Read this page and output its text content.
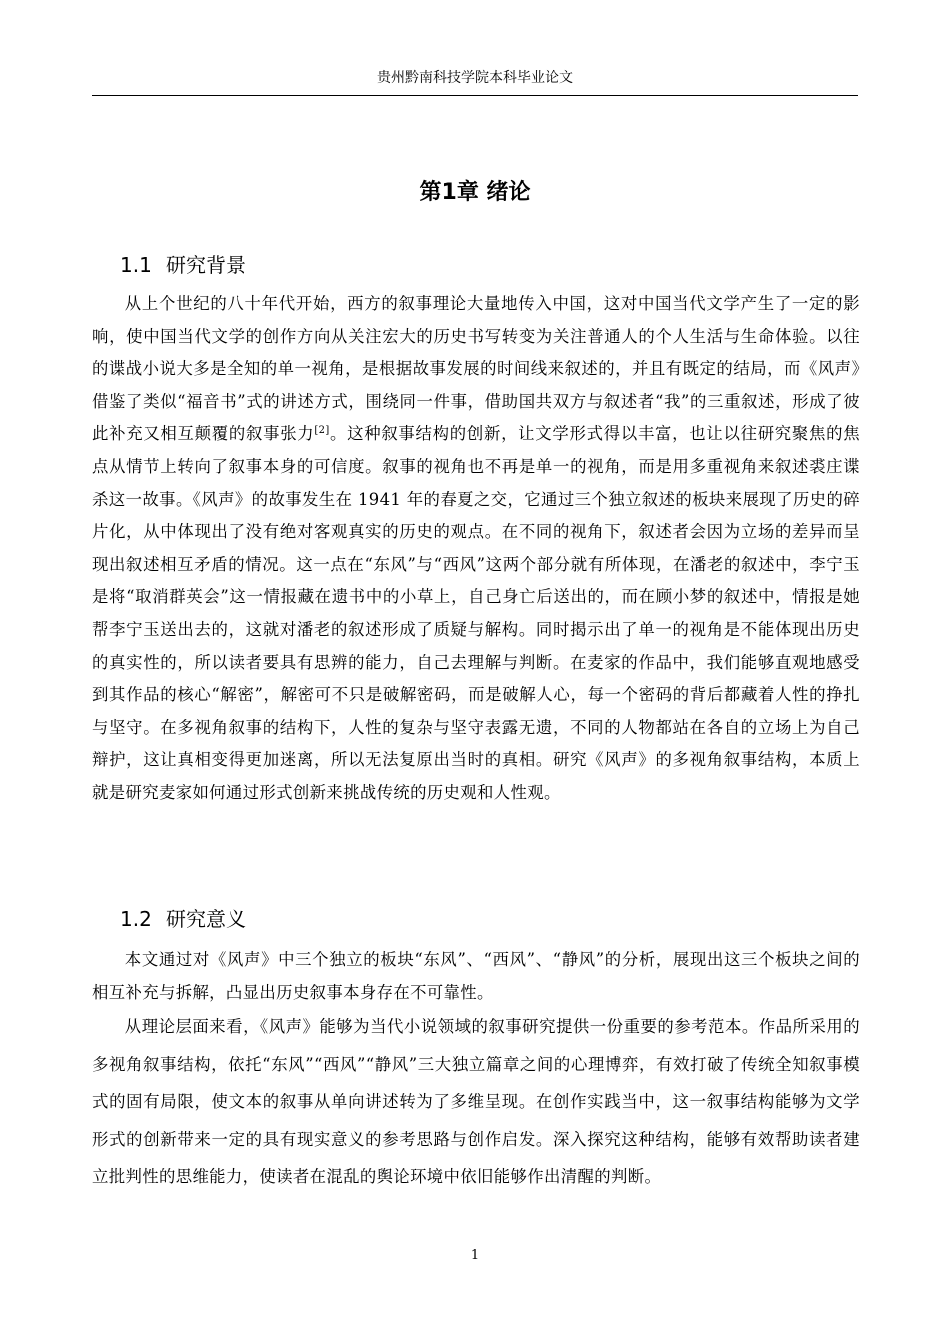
贵州黔南科技学院本科毕业论文
第1章 绪论
1.1 研究背景

从上个世纪的八十年代开始，西方的叙事理论大量地传入中国，这对中国当代文学产生了一定的影响，使中国当代文学的创作方向从关注宏大的历史书写转变为关注普通人的个人生活与生命体验。以往的谍战小说大多是全知的单一视角，是根据故事发展的时间线来叙述的，并且有既定的结局，而《风声》借鉴了类似“福音书”式的讲述方式，围绕同一件事，借助国共双方与叙述者“我”的三重叙述，形成了彼此补充又相互颠覆的叙事张力[2]。这种叙事结构的创新，让文学形式得以丰富，也让以往研究聚焦的焦点从情节上转向了叙事本身的可信度。叙事的视角也不再是单一的视角，而是用多重视角来叙述裘庄谍杀这一故事。《风声》的故事发生在 1941 年的春夏之交，它通过三个独立叙述的板块来展现了历史的碎片化，从中体现出了没有绝对客观真实的历史的观点。在不同的视角下，叙述者会因为立场的差异而呈现出叙述相互矛盾的情况。这一点在“东风”与“西风”这两个部分就有所体现，在潘老的叙述中，李宁玉是将“取消群英会”这一情报藏在遗书中的小草上，自己身亡后送出的，而在顾小梦的叙述中，情报是她帮李宁玉送出去的，这就对潘老的叙述形成了质疑与解构。同时揭示出了单一的视角是不能体现出历史的真实性的，所以读者要具有思辨的能力，自己去理解与判断。在麦家的作品中，我们能够直观地感受到其作品的核心“解密”，解密可不只是破解密码，而是破解人心，每一个密码的背后都藏着人性的挣扎与坚守。在多视角叙事的结构下，人性的复杂与坚守表露无遗，不同的人物都站在各自的立场上为自己辩护，这让真相变得更加迷离，所以无法复原出当时的真相。研究《风声》的多视角叙事结构，本质上就是研究麦家如何通过形式创新来挑战传统的历史观和人性观。

1.2 研究意义

本文通过对《风声》中三个独立的板块“东风”、“西风”、“静风”的分析，展现出这三个板块之间的相互补充与拆解，凸显出历史叙事本身存在不可靠性。

从理论层面来看，《风声》能够为当代小说领域的叙事研究提供一份重要的参考范本。作品所采用的多视角叙事结构，依托“东风”“西风”“静风”三大独立篇章之间的心理博弈，有效打破了传统全知叙事模式的固有局限，使文本的叙事从单向讲述转为了多维呈现。在创作实践当中，这一叙事结构能够为文学形式的创新带来一定的具有现实意义的参考思路与创作启发。深入探究这种结构，能够有效帮助读者建立批判性的思维能力，使读者在混乱的舆论环境中依旧能够作出清醒的判断。

1
